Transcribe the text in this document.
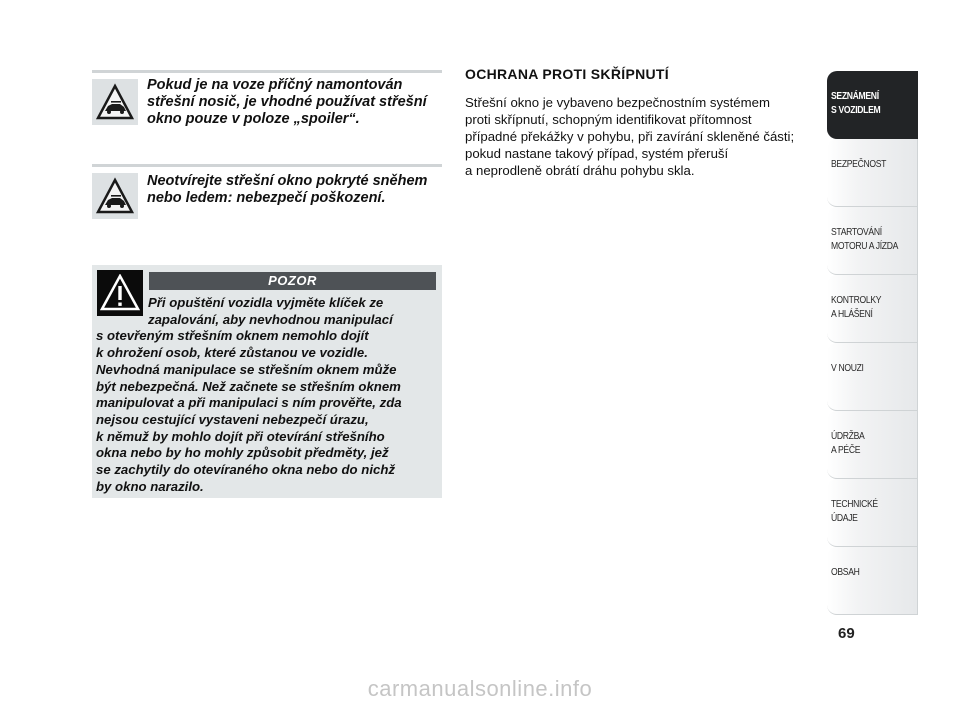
Pokud je na voze příčný namontován
střešní nosič, je vhodné používat střešní
okno pouze v poloze „spoiler“.
Neotvírejte střešní okno pokryté sněhem
nebo ledem: nebezpečí poškození.
POZOR
Při opuštění vozidla vyjměte klíček ze
zapalování, aby nevhodnou manipulací
s otevřeným střešním oknem nemohlo dojít
k ohrožení osob, které zůstanou ve vozidle.
Nevhodná manipulace se střešním oknem může
být nebezpečná. Než začnete se střešním oknem
manipulovat a při manipulaci s ním prověřte, zda
nejsou cestující vystaveni nebezpečí úrazu,
k němuž by mohlo dojít při otevírání střešního
okna nebo by ho mohly způsobit předměty, jež
se zachytily do otevíraného okna nebo do nichž
by okno narazilo.
OCHRANA PROTI SKŘÍPNUTÍ
Střešní okno je vybaveno bezpečnostním systémem
proti skřípnutí, schopným identifikovat přítomnost
případné překážky v pohybu, při zavírání skleněné části;
pokud nastane takový případ, systém přeruší
a neprodleně obrátí dráhu pohybu skla.
SEZNÁMENÍ
S VOZIDLEM
BEZPEČNOST
STARTOVÁNÍ
MOTORU A JÍZDA
KONTROLKY
A HLÁŠENÍ
V NOUZI
ÚDRŽBA
A PÉČE
TECHNICKÉ
ÚDAJE
OBSAH
69
carmanualsonline.info
